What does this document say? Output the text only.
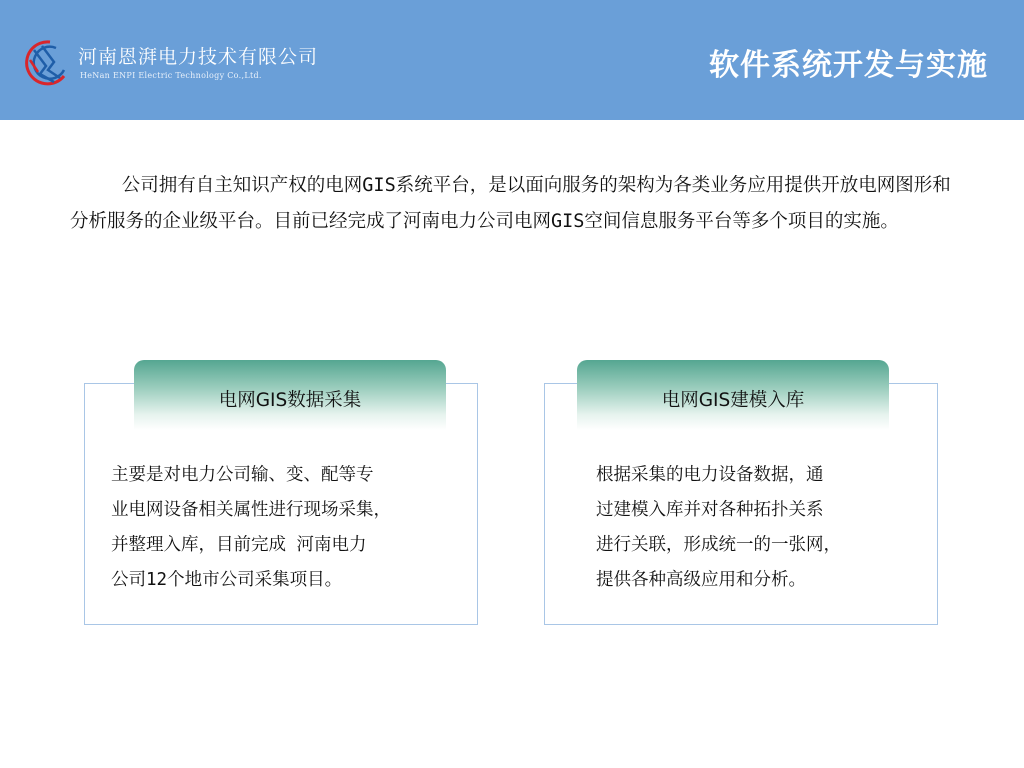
河南恩湃电力技术有限公司
HeNan ENPI Electric Technology Co.,Ltd.	软件系统开发与实施

公司拥有自主知识产权的电网GIS系统平台，是以面向服务的架构为各类业务应用提供开放电网图形和分析服务的企业级平台。目前已经完成了河南电力公司电网GIS空间信息服务平台等多个项目的实施。

电网GIS数据采集
主要是对电力公司输、变、配等专
业电网设备相关属性进行现场采集，
并整理入库，目前完成 河南电力
公司12个地市公司采集项目。
电网GIS建模入库
根据采集的电力设备数据，通
过建模入库并对各种拓扑关系
进行关联，形成统一的一张网，
提供各种高级应用和分析。
